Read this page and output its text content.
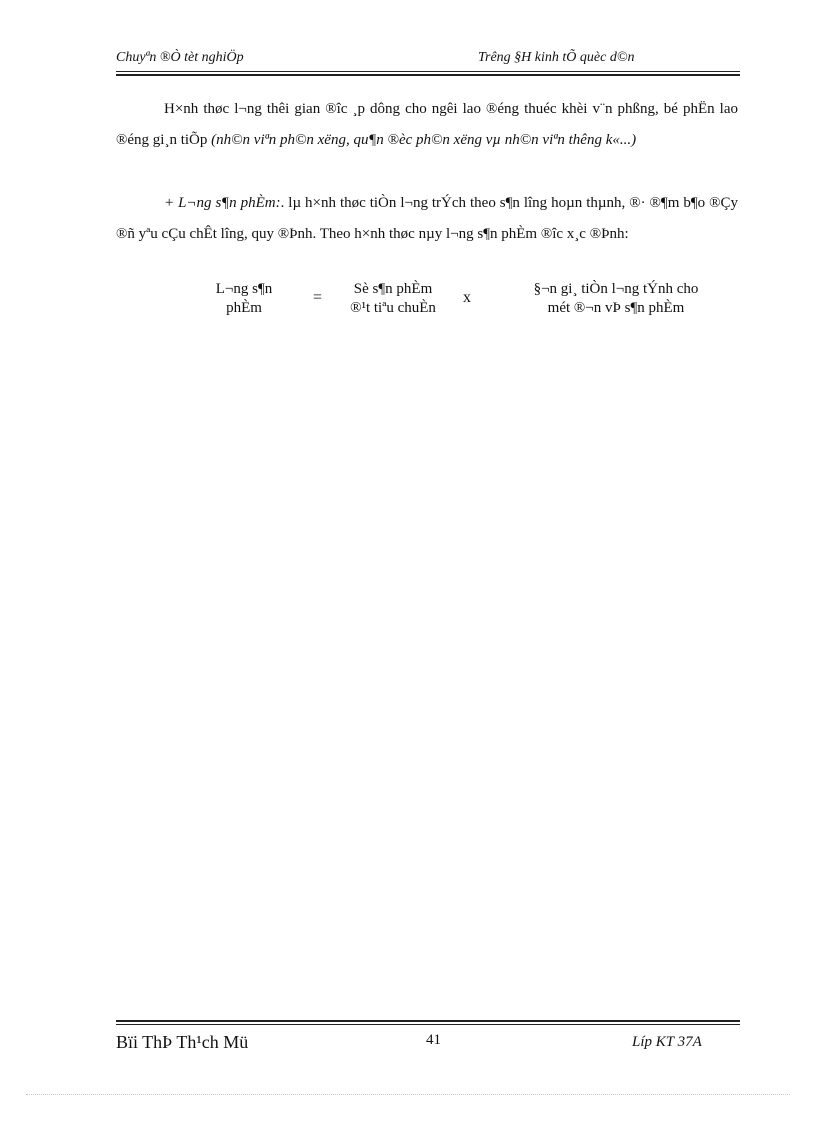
Chuyªn ®Ò tèt nghiÖp	Trêng §H kinh tÕ quèc d©n
H×nh thøc l¬ng thêi gian ®îc ¸p dông cho ngêi lao ®éng thuéc khèi v¨n phßng, bé phËn lao ®éng gi¸n tiÕp (nh©n viªn ph©n xëng, qu¶n ®èc ph©n xëng vµ nh©n viªn thêng k«...)
+ L¬ng s¶n phÈm:. lµ h×nh thøc tiÒn l¬ng trÝch theo s¶n lîng hoµn thµnh, ®· ®¶m b¶o ®Çy ®ñ yªu cÇu chÊt lîng, quy ®Þnh. Theo h×nh thøc nµy l¬ng s¶n phÈm ®îc x¸c ®Þnh:
L¬ng s¶n
phÈm
=	Sè s¶n phÈm
®¹t tiªu chuÈn
x	§¬n gi¸ tiÒn l¬ng tÝnh cho
mét ®¬n vÞ s¶n phÈm
Bïi ThÞ Th¹ch Mü	41	Líp KT 37A
